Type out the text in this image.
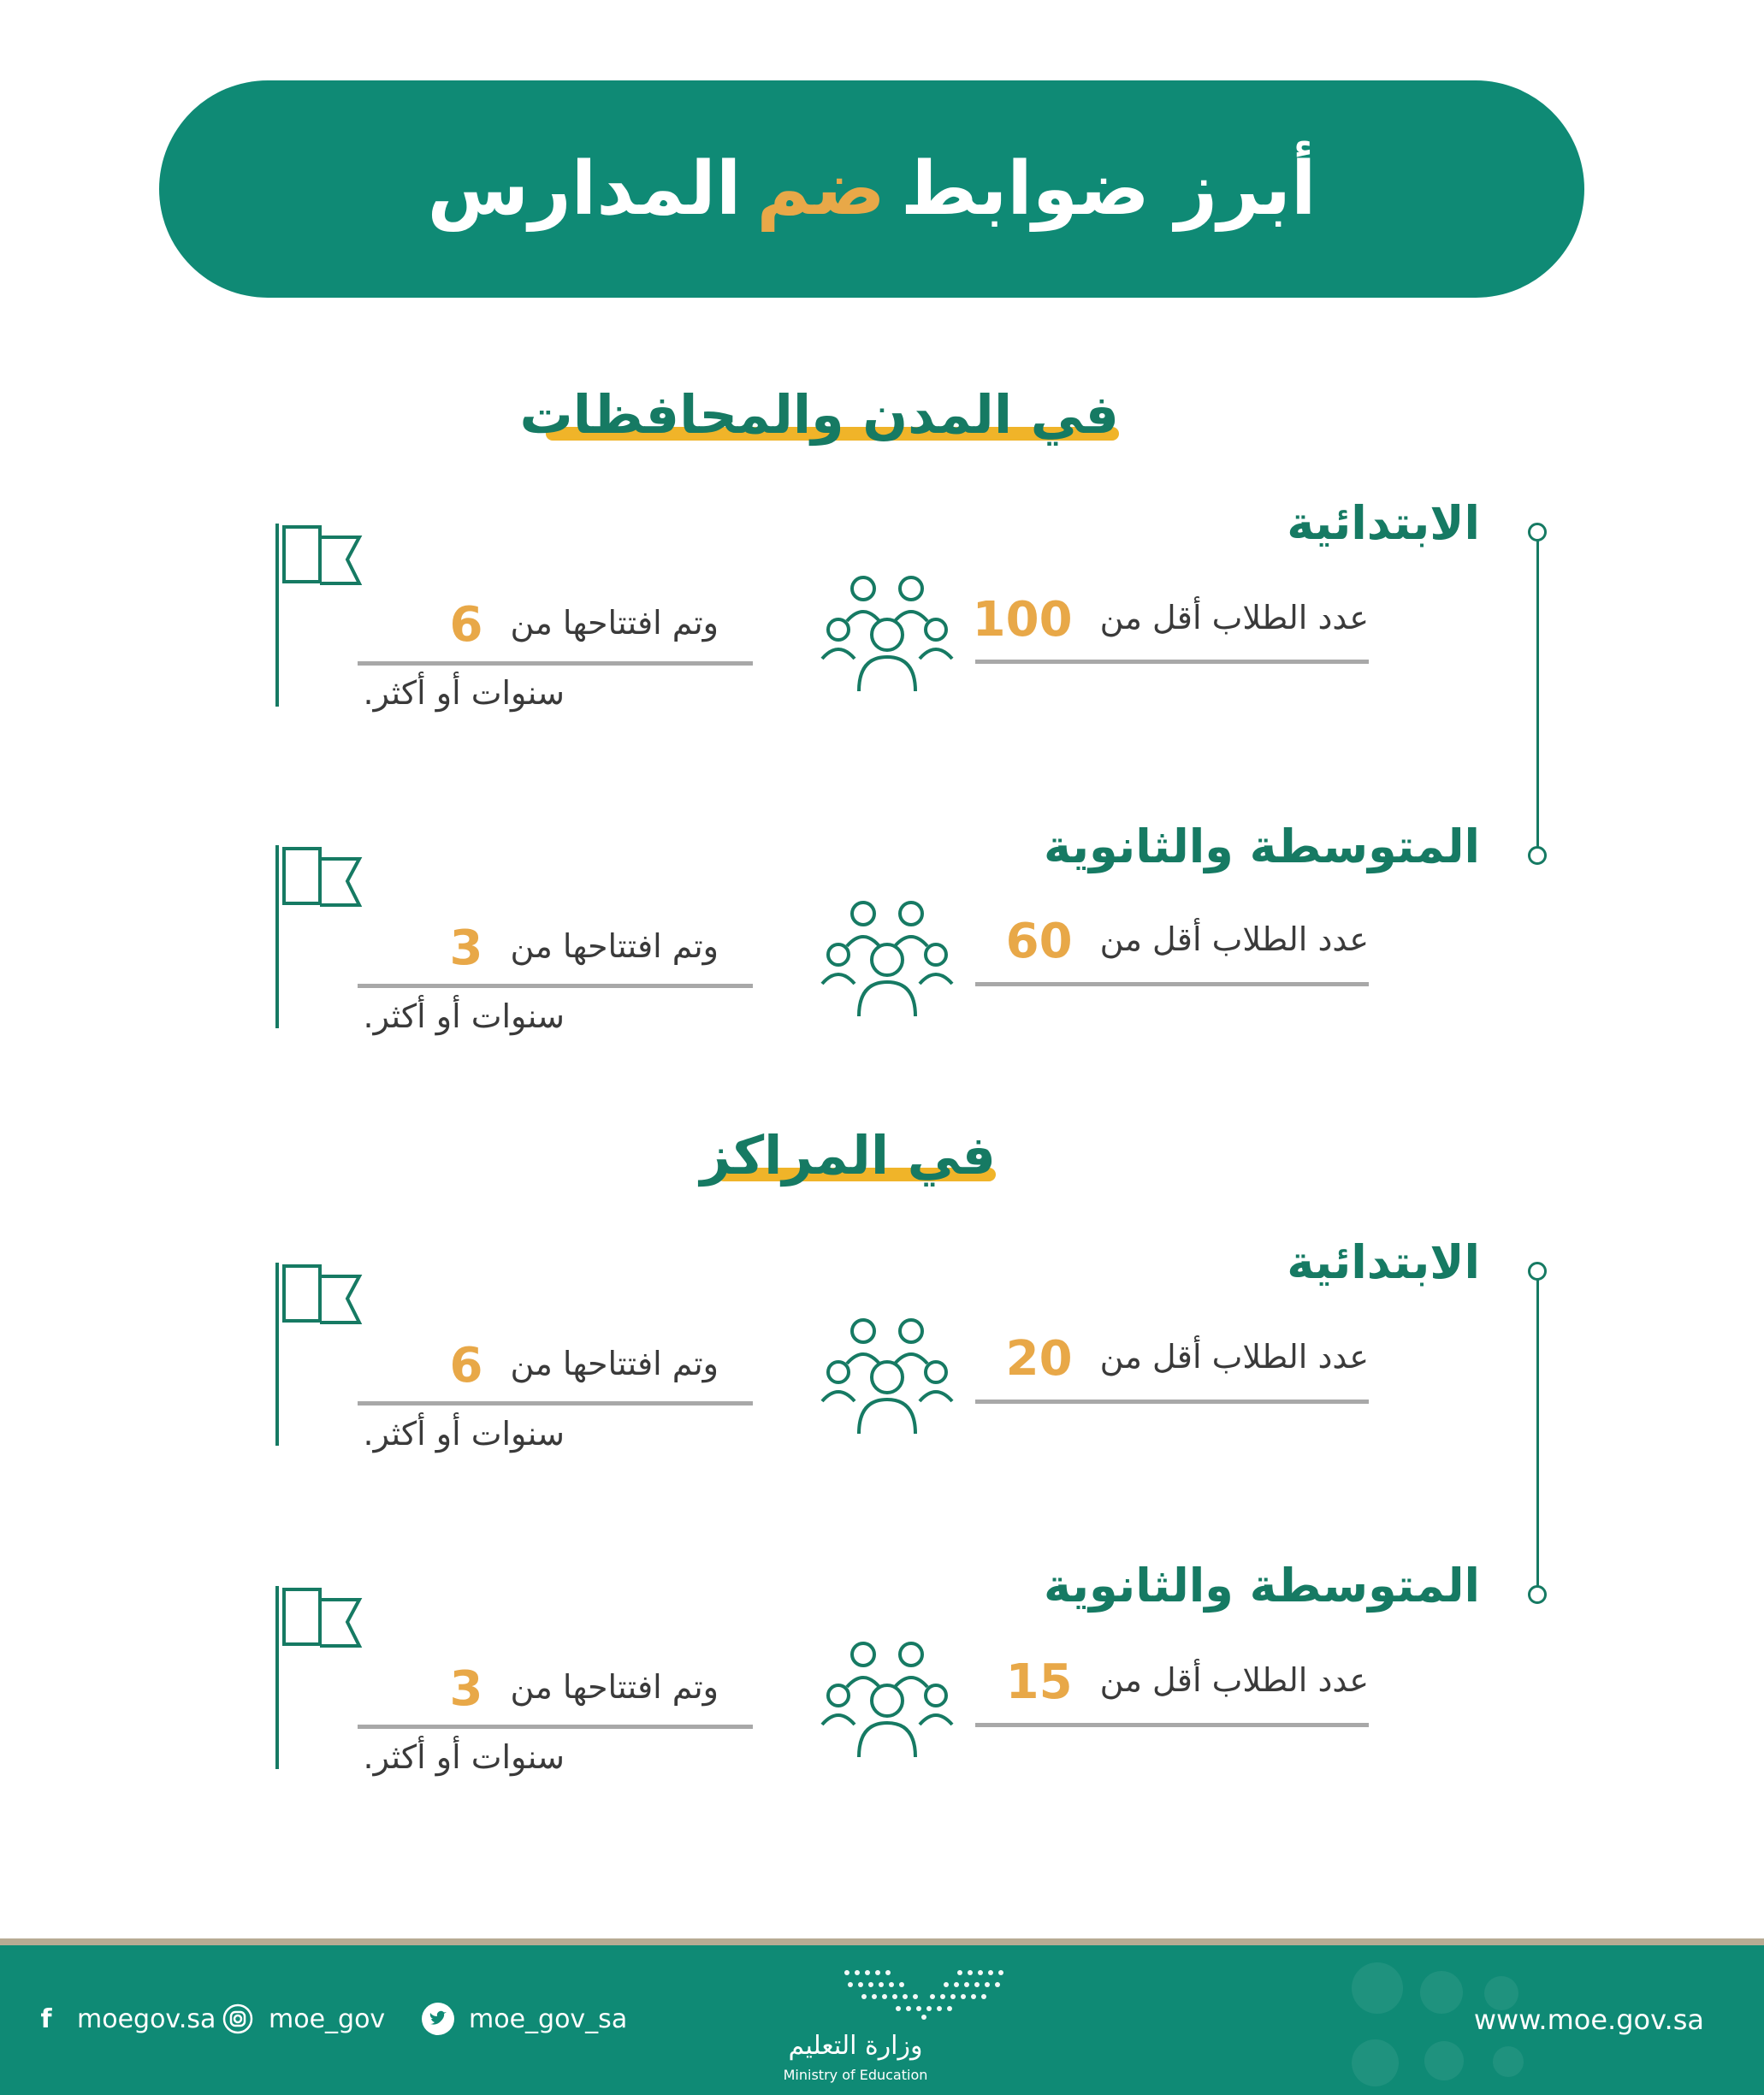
أبرز ضوابط
ضم
المدارس
في المدن والمحافظات
الابتدائية
عدد الطلاب أقل من 100
وتم افتتاحها من 6
سنوات أو أكثر.
المتوسطة والثانوية
عدد الطلاب أقل من 60
وتم افتتاحها من 3
سنوات أو أكثر.
في المراكز
الابتدائية
عدد الطلاب أقل من 20
وتم افتتاحها من 6
سنوات أو أكثر.
المتوسطة والثانوية
عدد الطلاب أقل من 15
وتم افتتاحها من 3
سنوات أو أكثر.
f moegov.sa moe_gov	moe_gov_sa
وزارة التعليم
Ministry of Education
www.moe.gov.sa
